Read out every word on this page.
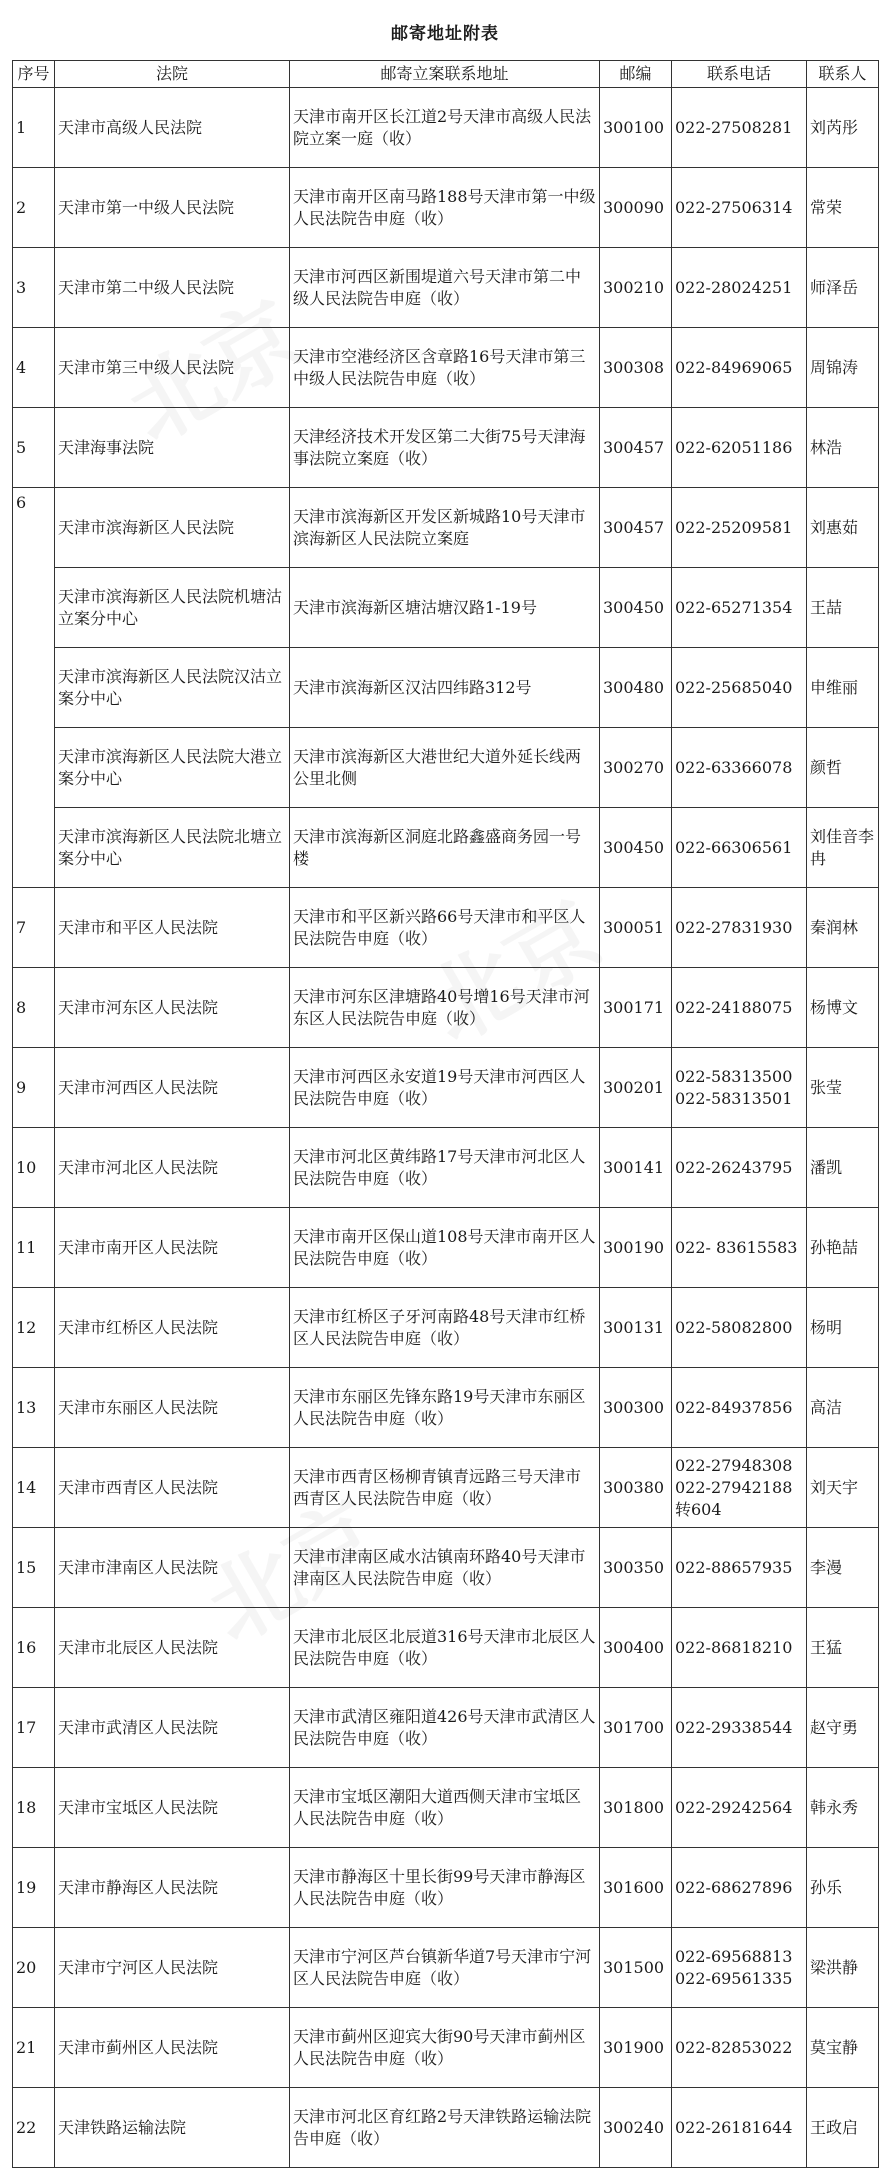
邮寄地址附表
序号	法院	邮寄立案联系地址	邮编	联系电话	联系人
1	天津市高级人民法院	天津市南开区长江道2号天津市高级人民法院立案一庭（收）	300100	022-27508281	刘芮彤
2	天津市第一中级人民法院	天津市南开区南马路188号天津市第一中级人民法院告申庭（收）	300090	022-27506314	常荣
3	天津市第二中级人民法院	天津市河西区新围堤道六号天津市第二中级人民法院告申庭（收）	300210	022-28024251	师泽岳
4	天津市第三中级人民法院	天津市空港经济区含章路16号天津市第三中级人民法院告申庭（收）	300308	022-84969065	周锦涛
5	天津海事法院	天津经济技术开发区第二大街75号天津海事法院立案庭（收）	300457	022-62051186	林浩
6	天津市滨海新区人民法院	天津市滨海新区开发区新城路10号天津市滨海新区人民法院立案庭	300457	022-25209581	刘惠茹
	天津市滨海新区人民法院机塘沽立案分中心	天津市滨海新区塘沽塘汉路1-19号	300450	022-65271354	王喆
	天津市滨海新区人民法院汉沽立案分中心	天津市滨海新区汉沽四纬路312号	300480	022-25685040	申维丽
	天津市滨海新区人民法院大港立案分中心	天津市滨海新区大港世纪大道外延长线两公里北侧	300270	022-63366078	颜哲
	天津市滨海新区人民法院北塘立案分中心	天津市滨海新区洞庭北路鑫盛商务园一号楼	300450	022-66306561	刘佳音李冉
7	天津市和平区人民法院	天津市和平区新兴路66号天津市和平区人民法院告申庭（收）	300051	022-27831930	秦润林
8	天津市河东区人民法院	天津市河东区津塘路40号增16号天津市河东区人民法院告申庭（收）	300171	022-24188075	杨博文
9	天津市河西区人民法院	天津市河西区永安道19号天津市河西区人民法院告申庭（收）	300201	022-58313500 022-58313501	张莹
10	天津市河北区人民法院	天津市河北区黄纬路17号天津市河北区人民法院告申庭（收）	300141	022-26243795	潘凯
11	天津市南开区人民法院	天津市南开区保山道108号天津市南开区人民法院告申庭（收）	300190	022- 83615583	孙艳喆
12	天津市红桥区人民法院	天津市红桥区子牙河南路48号天津市红桥区人民法院告申庭（收）	300131	022-58082800	杨明
13	天津市东丽区人民法院	天津市东丽区先锋东路19号天津市东丽区人民法院告申庭（收）	300300	022-84937856	高洁
14	天津市西青区人民法院	天津市西青区杨柳青镇青远路三号天津市西青区人民法院告申庭（收）	300380	022-27948308 022-27942188转604	刘天宇
15	天津市津南区人民法院	天津市津南区咸水沽镇南环路40号天津市津南区人民法院告申庭（收）	300350	022-88657935	李漫
16	天津市北辰区人民法院	天津市北辰区北辰道316号天津市北辰区人民法院告申庭（收）	300400	022-86818210	王猛
17	天津市武清区人民法院	天津市武清区雍阳道426号天津市武清区人民法院告申庭（收）	301700	022-29338544	赵守勇
18	天津市宝坻区人民法院	天津市宝坻区潮阳大道西侧天津市宝坻区人民法院告申庭（收）	301800	022-29242564	韩永秀
19	天津市静海区人民法院	天津市静海区十里长街99号天津市静海区人民法院告申庭（收）	301600	022-68627896	孙乐
20	天津市宁河区人民法院	天津市宁河区芦台镇新华道7号天津市宁河区人民法院告申庭（收）	301500	022-69568813 022-69561335	梁洪静
21	天津市蓟州区人民法院	天津市蓟州区迎宾大街90号天津市蓟州区人民法院告申庭（收）	301900	022-82853022	莫宝静
22	天津铁路运输法院	天津市河北区育红路2号天津铁路运输法院告申庭（收）	300240	022-26181644	王政启
